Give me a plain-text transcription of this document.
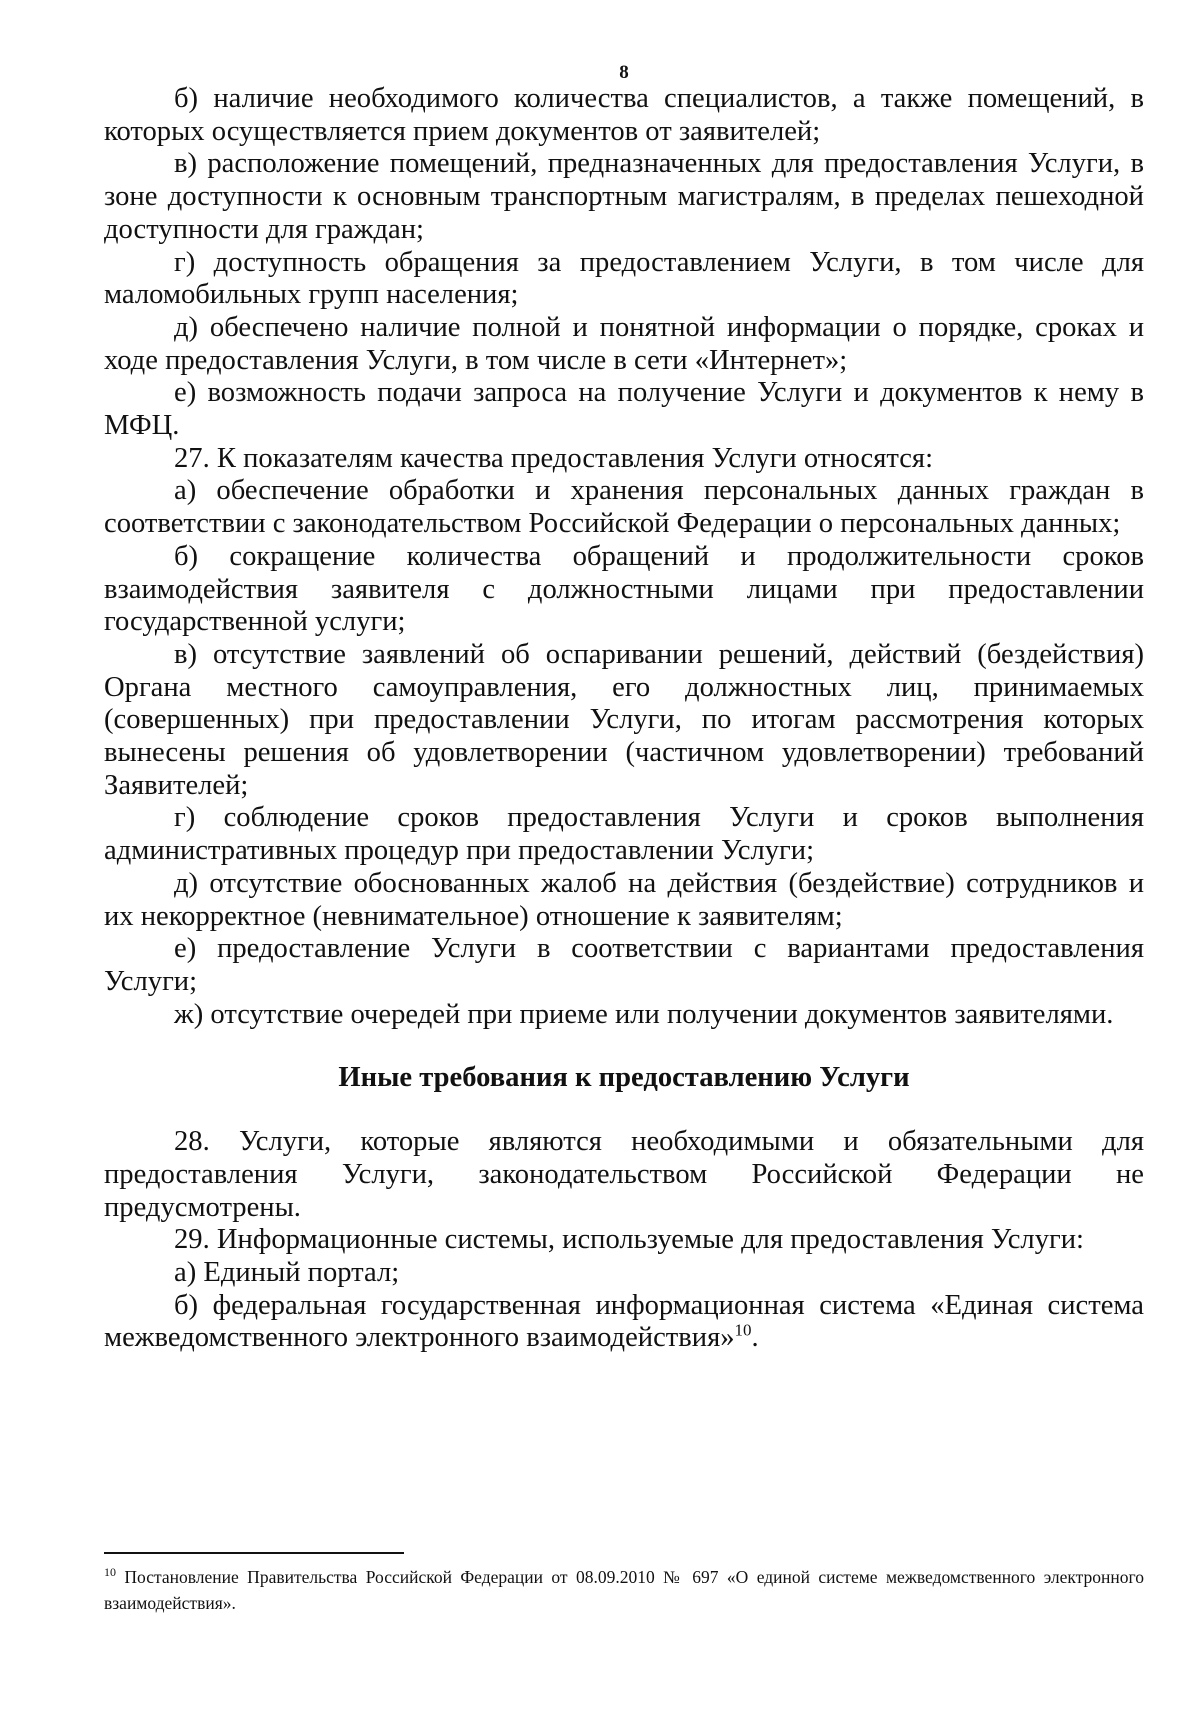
8

б) наличие необходимого количества специалистов, а также помещений, в которых осуществляется прием документов от заявителей;

в) расположение помещений, предназначенных для предоставления Услуги, в зоне доступности к основным транспортным магистралям, в пределах пешеходной доступности для граждан;

г) доступность обращения за предоставлением Услуги, в том числе для маломобильных групп населения;

д) обеспечено наличие полной и понятной информации о порядке, сроках и ходе предоставления Услуги, в том числе в сети «Интернет»;

е) возможность подачи запроса на получение Услуги и документов к нему в МФЦ.

27. К показателям качества предоставления Услуги относятся:

а) обеспечение обработки и хранения персональных данных граждан в соответствии с законодательством Российской Федерации о персональных данных;

б) сокращение количества обращений и продолжительности сроков взаимодействия заявителя с должностными лицами при предоставлении государственной услуги;

в) отсутствие заявлений об оспаривании решений, действий (бездействия) Органа местного самоуправления, его должностных лиц, принимаемых (совершенных) при предоставлении Услуги, по итогам рассмотрения которых вынесены решения об удовлетворении (частичном удовлетворении) требований Заявителей;

г) соблюдение сроков предоставления Услуги и сроков выполнения административных процедур при предоставлении Услуги;

д) отсутствие обоснованных жалоб на действия (бездействие) сотрудников и их некорректное (невнимательное) отношение к заявителям;

е) предоставление Услуги в соответствии с вариантами предоставления Услуги;

ж) отсутствие очередей при приеме или получении документов заявителями.

Иные требования к предоставлению Услуги

28. Услуги, которые являются необходимыми и обязательными для предоставления Услуги, законодательством Российской Федерации не предусмотрены.

29. Информационные системы, используемые для предоставления Услуги:

а) Единый портал;

б) федеральная государственная информационная система «Единая система межведомственного электронного взаимодействия»$^{10}$.

$^{10}$ Постановление Правительства Российской Федерации от 08.09.2010 № 697 «О единой системе межведомственного электронного взаимодействия».
